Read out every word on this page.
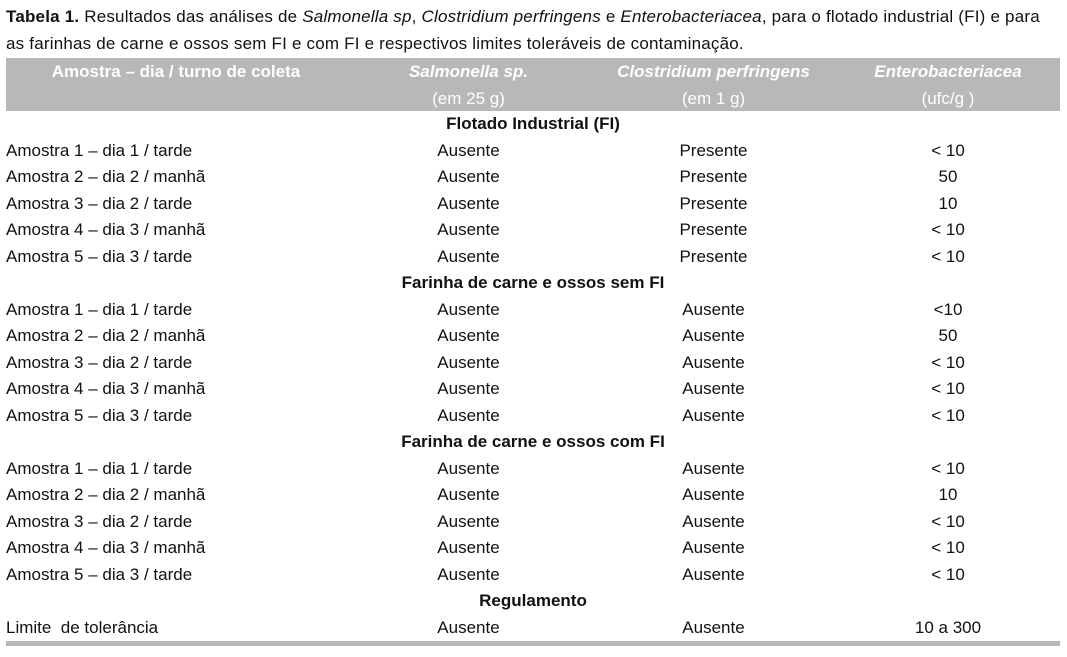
Tabela 1. Resultados das análises de Salmonella sp, Clostridium perfringens e Enterobacteriacea, para o flotado industrial (FI) e para as farinhas de carne e ossos sem FI e com FI e respectivos limites toleráveis de contaminação.
Amostra – dia / turno de coleta	Salmonella sp.	Clostridium perfringens	Enterobacteriacea
	(em 25 g)	(em 1 g)	(ufc/g )
Flotado Industrial (FI)			
Amostra 1 – dia 1 / tarde	Ausente	Presente	< 10
Amostra 2 – dia 2 / manhã	Ausente	Presente	50
Amostra 3 – dia 2 / tarde	Ausente	Presente	10
Amostra 4 – dia 3 / manhã	Ausente	Presente	< 10
Amostra 5 – dia 3 / tarde	Ausente	Presente	< 10
Farinha de carne e ossos sem FI			
Amostra 1 – dia 1 / tarde	Ausente	Ausente	<10
Amostra 2 – dia 2 / manhã	Ausente	Ausente	50
Amostra 3 – dia 2 / tarde	Ausente	Ausente	< 10
Amostra 4 – dia 3 / manhã	Ausente	Ausente	< 10
Amostra 5 – dia 3 / tarde	Ausente	Ausente	< 10
Farinha de carne e ossos com FI			
Amostra 1 – dia 1 / tarde	Ausente	Ausente	< 10
Amostra 2 – dia 2 / manhã	Ausente	Ausente	10
Amostra 3 – dia 2 / tarde	Ausente	Ausente	< 10
Amostra 4 – dia 3 / manhã	Ausente	Ausente	< 10
Amostra 5 – dia 3 / tarde	Ausente	Ausente	< 10
Regulamento			
Limite  de tolerância	Ausente	Ausente	10 a 300
